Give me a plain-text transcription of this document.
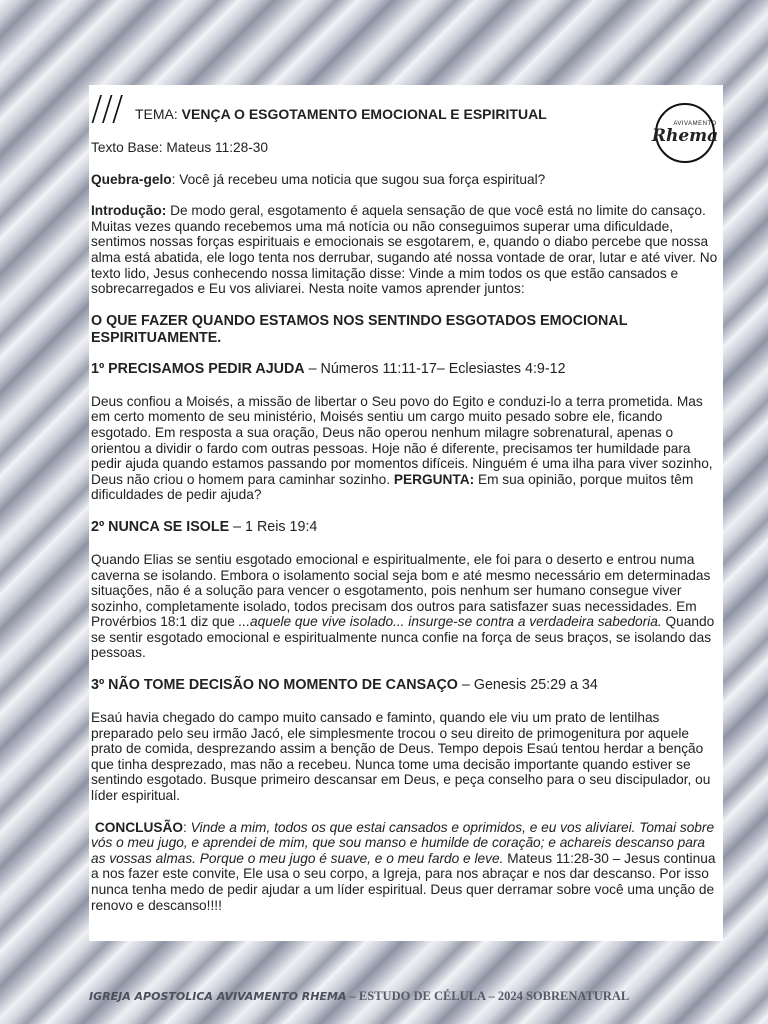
/// TEMA: VENÇA O ESGOTAMENTO EMOCIONAL E ESPIRITUAL
AVIVAMENTO
Rhema

Texto Base: Mateus 11:28-30

Quebra-gelo: Você já recebeu uma noticia que sugou sua força espiritual?

Introdução: De modo geral, esgotamento é aquela sensação de que você está no limite do cansaço. Muitas vezes quando recebemos uma má notícia ou não conseguimos superar uma dificuldade, sentimos nossas forças espirituais e emocionais se esgotarem, e, quando o diabo percebe que nossa alma está abatida, ele logo tenta nos derrubar, sugando até nossa vontade de orar, lutar e até viver. No texto lido, Jesus conhecendo nossa limitação disse: Vinde a mim todos os que estão cansados e sobrecarregados e Eu vos aliviarei. Nesta noite vamos aprender juntos:

O QUE FAZER QUANDO ESTAMOS NOS SENTINDO ESGOTADOS EMOCIONAL ESPIRITUAMENTE.

1º PRECISAMOS PEDIR AJUDA – Números 11:11-17– Eclesiastes 4:9-12

Deus confiou a Moisés, a missão de libertar o Seu povo do Egito e conduzi-lo a terra prometida. Mas em certo momento de seu ministério, Moisés sentiu um cargo muito pesado sobre ele, ficando esgotado. Em resposta a sua oração, Deus não operou nenhum milagre sobrenatural, apenas o orientou a dividir o fardo com outras pessoas. Hoje não é diferente, precisamos ter humildade para pedir ajuda quando estamos passando por momentos difíceis. Ninguém é uma ilha para viver sozinho, Deus não criou o homem para caminhar sozinho. PERGUNTA: Em sua opinião, porque muitos têm dificuldades de pedir ajuda?

2º NUNCA SE ISOLE – 1 Reis 19:4

Quando Elias se sentiu esgotado emocional e espiritualmente, ele foi para o deserto e entrou numa caverna se isolando. Embora o isolamento social seja bom e até mesmo necessário em determinadas situações, não é a solução para vencer o esgotamento, pois nenhum ser humano consegue viver sozinho, completamente isolado, todos precisam dos outros para satisfazer suas necessidades. Em Provérbios 18:1 diz que ...aquele que vive isolado... insurge-se contra a verdadeira sabedoria. Quando se sentir esgotado emocional e espiritualmente nunca confie na força de seus braços, se isolando das pessoas.

3º NÃO TOME DECISÃO NO MOMENTO DE CANSAÇO – Genesis 25:29 a 34

Esaú havia chegado do campo muito cansado e faminto, quando ele viu um prato de lentilhas preparado pelo seu irmão Jacó, ele simplesmente trocou o seu direito de primogenitura por aquele prato de comida, desprezando assim a benção de Deus. Tempo depois Esaú tentou herdar a benção que tinha desprezado, mas não a recebeu. Nunca tome uma decisão importante quando estiver se sentindo esgotado. Busque primeiro descansar em Deus, e peça conselho para o seu discipulador, ou líder espiritual.

CONCLUSÃO: Vinde a mim, todos os que estai cansados e oprimidos, e eu vos aliviarei. Tomai sobre vós o meu jugo, e aprendei de mim, que sou manso e humilde de coração; e achareis descanso para as vossas almas. Porque o meu jugo é suave, e o meu fardo e leve. Mateus 11:28-30 – Jesus continua a nos fazer este convite, Ele usa o seu corpo, a Igreja, para nos abraçar e nos dar descanso. Por isso nunca tenha medo de pedir ajudar a um líder espiritual. Deus quer derramar sobre você uma unção de renovo e descanso!!!!

IGREJA APOSTOLICA AVIVAMENTO RHEMA – ESTUDO DE CÉLULA – 2024 SOBRENATURAL
